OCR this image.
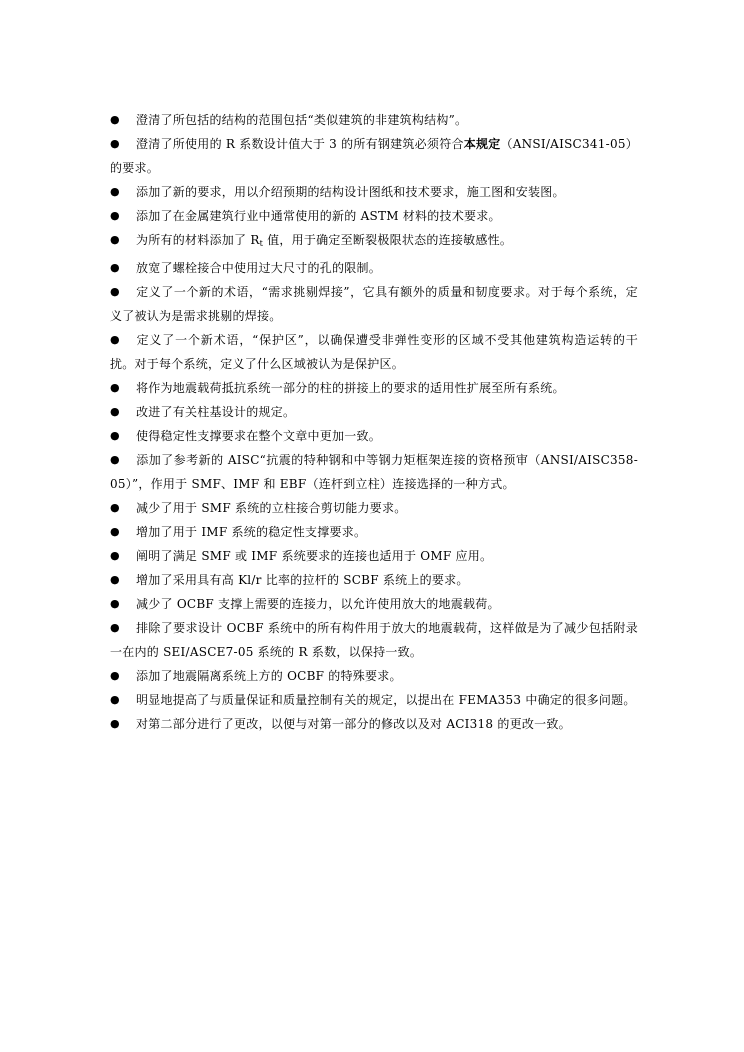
● 澄清了所包括的结构的范围包括“类似建筑的非建筑构结构”。

● 澄清了所使用的 R 系数设计值大于 3 的所有钢建筑必须符合本规定（ANSI/AISC341-05）的要求。

● 添加了新的要求，用以介绍预期的结构设计图纸和技术要求，施工图和安装图。

● 添加了在金属建筑行业中通常使用的新的 ASTM 材料的技术要求。

● 为所有的材料添加了 $R_t$ 值，用于确定至断裂极限状态的连接敏感性。

● 放宽了螺栓接合中使用过大尺寸的孔的限制。

● 定义了一个新的术语，“需求挑剔焊接”，它具有额外的质量和韧度要求。对于每个系统，定义了被认为是需求挑剔的焊接。

● 定义了一个新术语，“保护区”，以确保遭受非弹性变形的区域不受其他建筑构造运转的干扰。对于每个系统，定义了什么区域被认为是保护区。

● 将作为地震载荷抵抗系统一部分的柱的拼接上的要求的适用性扩展至所有系统。

● 改进了有关柱基设计的规定。

● 使得稳定性支撑要求在整个文章中更加一致。

● 添加了参考新的 AISC“抗震的特种钢和中等钢力矩框架连接的资格预审（ANSI/AISC358-05）”，作用于 SMF、IMF 和 EBF（连杆到立柱）连接选择的一种方式。

● 减少了用于 SMF 系统的立柱接合剪切能力要求。

● 增加了用于 IMF 系统的稳定性支撑要求。

● 阐明了满足 SMF 或 IMF 系统要求的连接也适用于 OMF 应用。

● 增加了采用具有高 Kl/r 比率的拉杆的 SCBF 系统上的要求。

● 减少了 OCBF 支撑上需要的连接力，以允许使用放大的地震载荷。

● 排除了要求设计 OCBF 系统中的所有构件用于放大的地震载荷，这样做是为了减少包括附录一在内的 SEI/ASCE7-05 系统的 R 系数，以保持一致。

● 添加了地震隔离系统上方的 OCBF 的特殊要求。

● 明显地提高了与质量保证和质量控制有关的规定，以提出在 FEMA353 中确定的很多问题。

● 对第二部分进行了更改，以便与对第一部分的修改以及对 ACI318 的更改一致。
